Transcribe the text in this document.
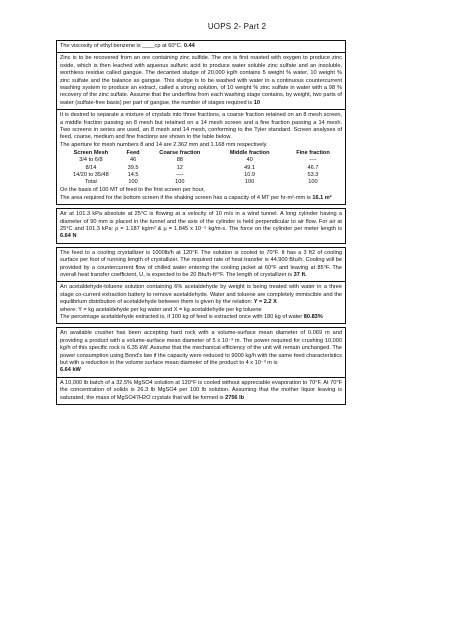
UOPS 2- Part 2

The viscosity of ethyl benzene is ____cp at 60°C. 0.44

Zinc is to be recovered from an ore containing zinc sulfide. The ore is first roasted with oxygen to produce zinc oxide, which is then leached with aqueous sulfuric acid to produce water soluble zinc sulfate and an insoluble, worthless residue called gangue. The decanted sludge of 20,000 kg/h contains 5 weight % water, 10 weight % zinc sulfate and the balance as gangue. This sludge is to be washed with water in a continuous countercurrent washing system to produce an extract, called a strong solution, of 10 weight % zinc sulfate in water with a 98 % recovery of the zinc sulfate. Assume that the underflow from each washing stage contains, by weight, two parts of water (sulfate-free basis) per part of gangue, the number of stages required is 10

It is desired to separate a mixture of crystals into three fractions, a coarse fraction retained on an 8 mesh screen, a middle fraction passing an 8 mesh but retained on a 14 mesh screen and a fine fraction passing a 14 mesh. Two screens in series are used, an 8 mesh and 14 mesh, conforming to the Tyler standard. Screen analyses of feed, coarse, medium and fine fractions are shown in the table below.

The aperture for mesh numbers 8 and 14 are 2.362 mm and 1.168 mm respectively.

Screen Mesh	Feed	Coarse fraction	Middle fraction	Fine fraction
3/4 to 6/8	46	88	40	----
8/14	39.5	12	49.1	46.7
14/20 to 35/48	14.5	----	10.9	53.3
Total	100	100	100	100

On the basis of 100 MT of feed to the first screen per hour,

The area required for the bottom screen if the shaking screen has a capacity of 4 MT per hr-m²-mm is 16.1 m²

Air at 101.3 kPa absolute at 25°C is flowing at a velocity of 10 m/s in a wind tunnel. A long cylinder having a diameter of 90 mm is placed in the tunnel and the axis of the cylinder is held perpendicular to air flow. For air at 25°C and 101.3 kPa: ρ = 1.187 kg/m³ & μ = 1.845 x 10⁻⁵ kg/m-s. The force on the cylinder per meter length is 6.64 N

The feed to a cooling crystallizer is 1000lb/h at 120°F. The solution is cooled to 70°F. It has a 3 ft2 of cooling surface per foot of running length of crystallizer. The required rate of heat transfer is 44,900 Btu/h. Cooling will be provided by a countercurrent flow of chilled water entering the cooling jacket at 60°F and leaving at 85°F. The overall heat transfer coefficient, U, is expected to be 20 Btu/h-ft²°F. The length of crystallizer is 37 ft.

An acetaldehyde-toluene solution containing 6% acetaldehyde by weight is being treated with water in a three stage co-current extraction battery to remove acetaldehyde. Water and toluene are completely immiscible and the equilibrium distribution of acetaldehyde between them is given by the relation: Y = 2.2 X

where: Y = kg acetaldehyde per kg water and X = kg acetaldehyde per kg toluene

The percentage acetaldehyde extracted is, if 100 kg of feed is extracted once with 180 kg of water 80.83%

An available crusher has been accepting hard rock with a volume-surface mean diameter of 0.069 m and providing a product with a volume-surface mean diameter of 5 x 10⁻³ m. The power required for crushing 10,000 kg/h of this specific rock is 6.35 kW. Assume that the mechanical efficiency of the unit will remain unchanged. The power consumption using Bond's law if the capacity were reduced to 9000 kg/h with the same feed characteristics but with a reduction in the volume surface mean diameter of the product to 4 x 10⁻³ m is

6.64 kW

A 10,000 lb batch of a 32.5% MgSO4 solution at 120°F is cooled without appreciable evaporation to 70°F. At 70°F the concentration of solids is 26.3 lb MgSO4 per 100 lb solution. Assuming that the mother liquor leaving is saturated, the mass of MgSO47H2O crystals that will be formed is 2756 lb
